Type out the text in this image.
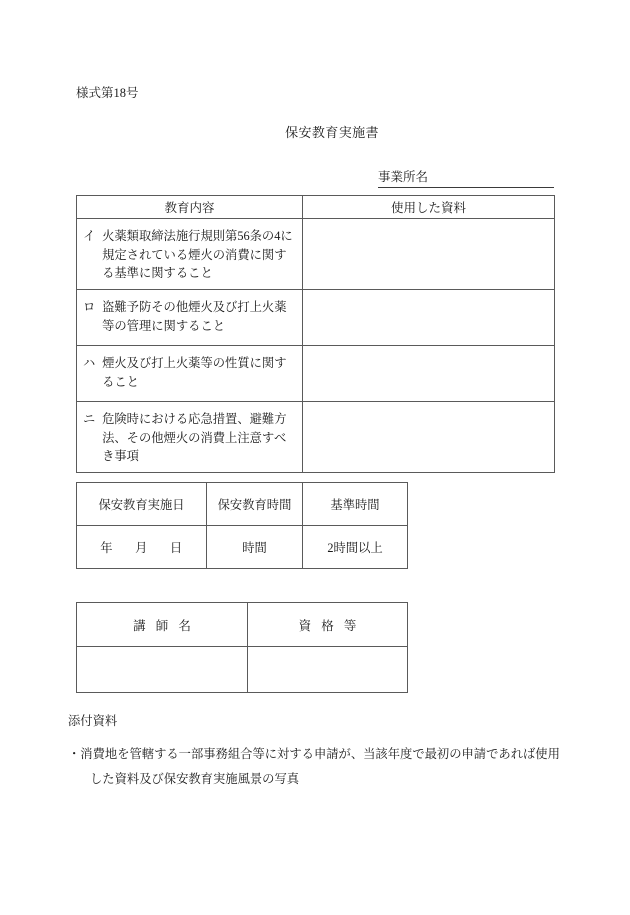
様式第18号
保安教育実施書
事業所名
教育内容	使用した資料

イ 火薬類取締法施行規則第56条の4に規定されている煙火の消費に関する基準に関すること	

ロ 盗難予防その他煙火及び打上火薬等の管理に関すること	

ハ 煙火及び打上火薬等の性質に関すること	

ニ 危険時における応急措置、避難方法、その他煙火の消費上注意すべき事項	

保安教育実施日	保安教育時間	基準時間
年 月 日	時間	2時間以上
講 師 名	資 格 等

添付資料
・消費地を管轄する一部事務組合等に対する申請が、当該年度で最初の申請であれば使用
した資料及び保安教育実施風景の写真
